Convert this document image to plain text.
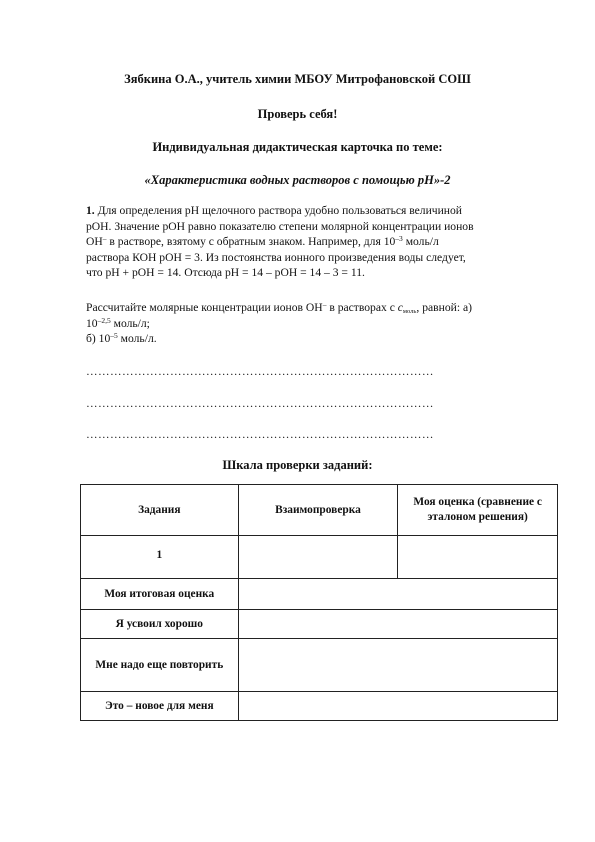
Зябкина О.А., учитель химии МБОУ Митрофановской СОШ
Проверь себя!
Индивидуальная дидактическая карточка по теме:
«Характеристика водных растворов с помощью рН»-2
1. Для определения рН щелочного раствора удобно пользоваться величиной
рОН. Значение рОН равно показателю степени молярной концентрации ионов
ОН– в растворе, взятому с обратным знаком. Например, для $10^{-3}$ моль/л
раствора КОН рОН = 3. Из постоянства ионного произведения воды следует,
что рН + рОН = 14. Отсюда рН = 14 – рОН = 14 – 3 = 11.
Рассчитайте молярные концентрации ионов ОН– в растворах с $c_{моль}$, равной: а)
$10^{-2,5}$ моль/л;
б) $10^{-5}$ моль/л.
……………………………………………………………………………
……………………………………………………………………………
……………………………………………………………………………
Шкала проверки заданий:
Задания	Взаимопроверка	Моя оценка (сравнение с эталоном решения)
1		
Моя итоговая оценка		
Я усвоил хорошо		
Мне надо еще повторить		
Это – новое для меня		
